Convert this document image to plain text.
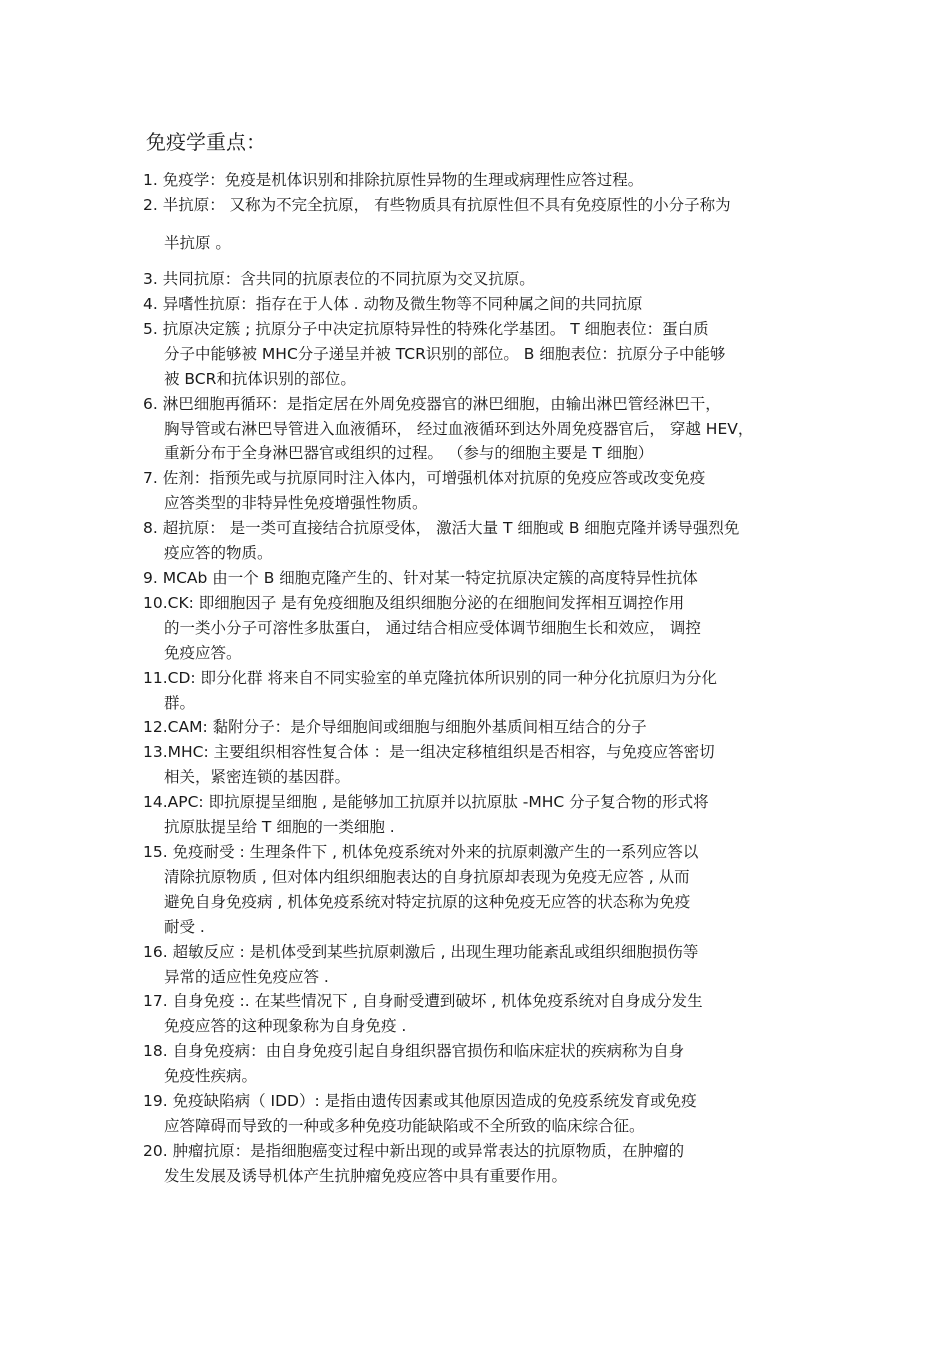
免疫学重点：
1. 免疫学：免疫是机体识别和排除抗原性异物的生理或病理性应答过程。
2. 半抗原： 又称为不完全抗原， 有些物质具有抗原性但不具有免疫原性的小分子称为
半抗原 。
3. 共同抗原：含共同的抗原表位的不同抗原为交叉抗原。
4. 异嗜性抗原：指存在于人体 . 动物及微生物等不同种属之间的共同抗原
5. 抗原决定簇 ; 抗原分子中决定抗原特异性的特殊化学基团。 T 细胞表位：蛋白质
分子中能够被 MHC分子递呈并被 TCR识别的部位。 B 细胞表位：抗原分子中能够
被 BCR和抗体识别的部位。
6. 淋巴细胞再循环：是指定居在外周免疫器官的淋巴细胞，由输出淋巴管经淋巴干，
胸导管或右淋巴导管进入血液循环， 经过血液循环到达外周免疫器官后， 穿越 HEV，
重新分布于全身淋巴器官或组织的过程。 （参与的细胞主要是 T 细胞）
7. 佐剂：指预先或与抗原同时注入体内，可增强机体对抗原的免疫应答或改变免疫
应答类型的非特异性免疫增强性物质。
8. 超抗原： 是一类可直接结合抗原受体， 激活大量 T 细胞或 B 细胞克隆并诱导强烈免
疫应答的物质。
9. MCAb 由一个 B 细胞克隆产生的、针对某一特定抗原决定簇的高度特异性抗体
10.CK: 即细胞因子 是有免疫细胞及组织细胞分泌的在细胞间发挥相互调控作用
的一类小分子可溶性多肽蛋白， 通过结合相应受体调节细胞生长和效应， 调控
免疫应答。
11.CD: 即分化群 将来自不同实验室的单克隆抗体所识别的同一种分化抗原归为分化
群。
12.CAM: 黏附分子：是介导细胞间或细胞与细胞外基质间相互结合的分子
13.MHC: 主要组织相容性复合体 ：是一组决定移植组织是否相容，与免疫应答密切
相关，紧密连锁的基因群。
14.APC: 即抗原提呈细胞 , 是能够加工抗原并以抗原肽 -MHC 分子复合物的形式将
抗原肽提呈给 T 细胞的一类细胞 .
15. 免疫耐受 : 生理条件下 , 机体免疫系统对外来的抗原刺激产生的一系列应答以
清除抗原物质 , 但对体内组织细胞表达的自身抗原却表现为免疫无应答 , 从而
避免自身免疫病 , 机体免疫系统对特定抗原的这种免疫无应答的状态称为免疫
耐受 .
16. 超敏反应 : 是机体受到某些抗原刺激后 , 出现生理功能紊乱或组织细胞损伤等
异常的适应性免疫应答 .
17. 自身免疫 :. 在某些情况下 , 自身耐受遭到破坏 , 机体免疫系统对自身成分发生
免疫应答的这种现象称为自身免疫 .
18. 自身免疫病：由自身免疫引起自身组织器官损伤和临床症状的疾病称为自身
免疫性疾病。
19. 免疫缺陷病（ IDD）: 是指由遗传因素或其他原因造成的免疫系统发育或免疫
应答障碍而导致的一种或多种免疫功能缺陷或不全所致的临床综合征。
20. 肿瘤抗原：是指细胞癌变过程中新出现的或异常表达的抗原物质，在肿瘤的
发生发展及诱导机体产生抗肿瘤免疫应答中具有重要作用。
